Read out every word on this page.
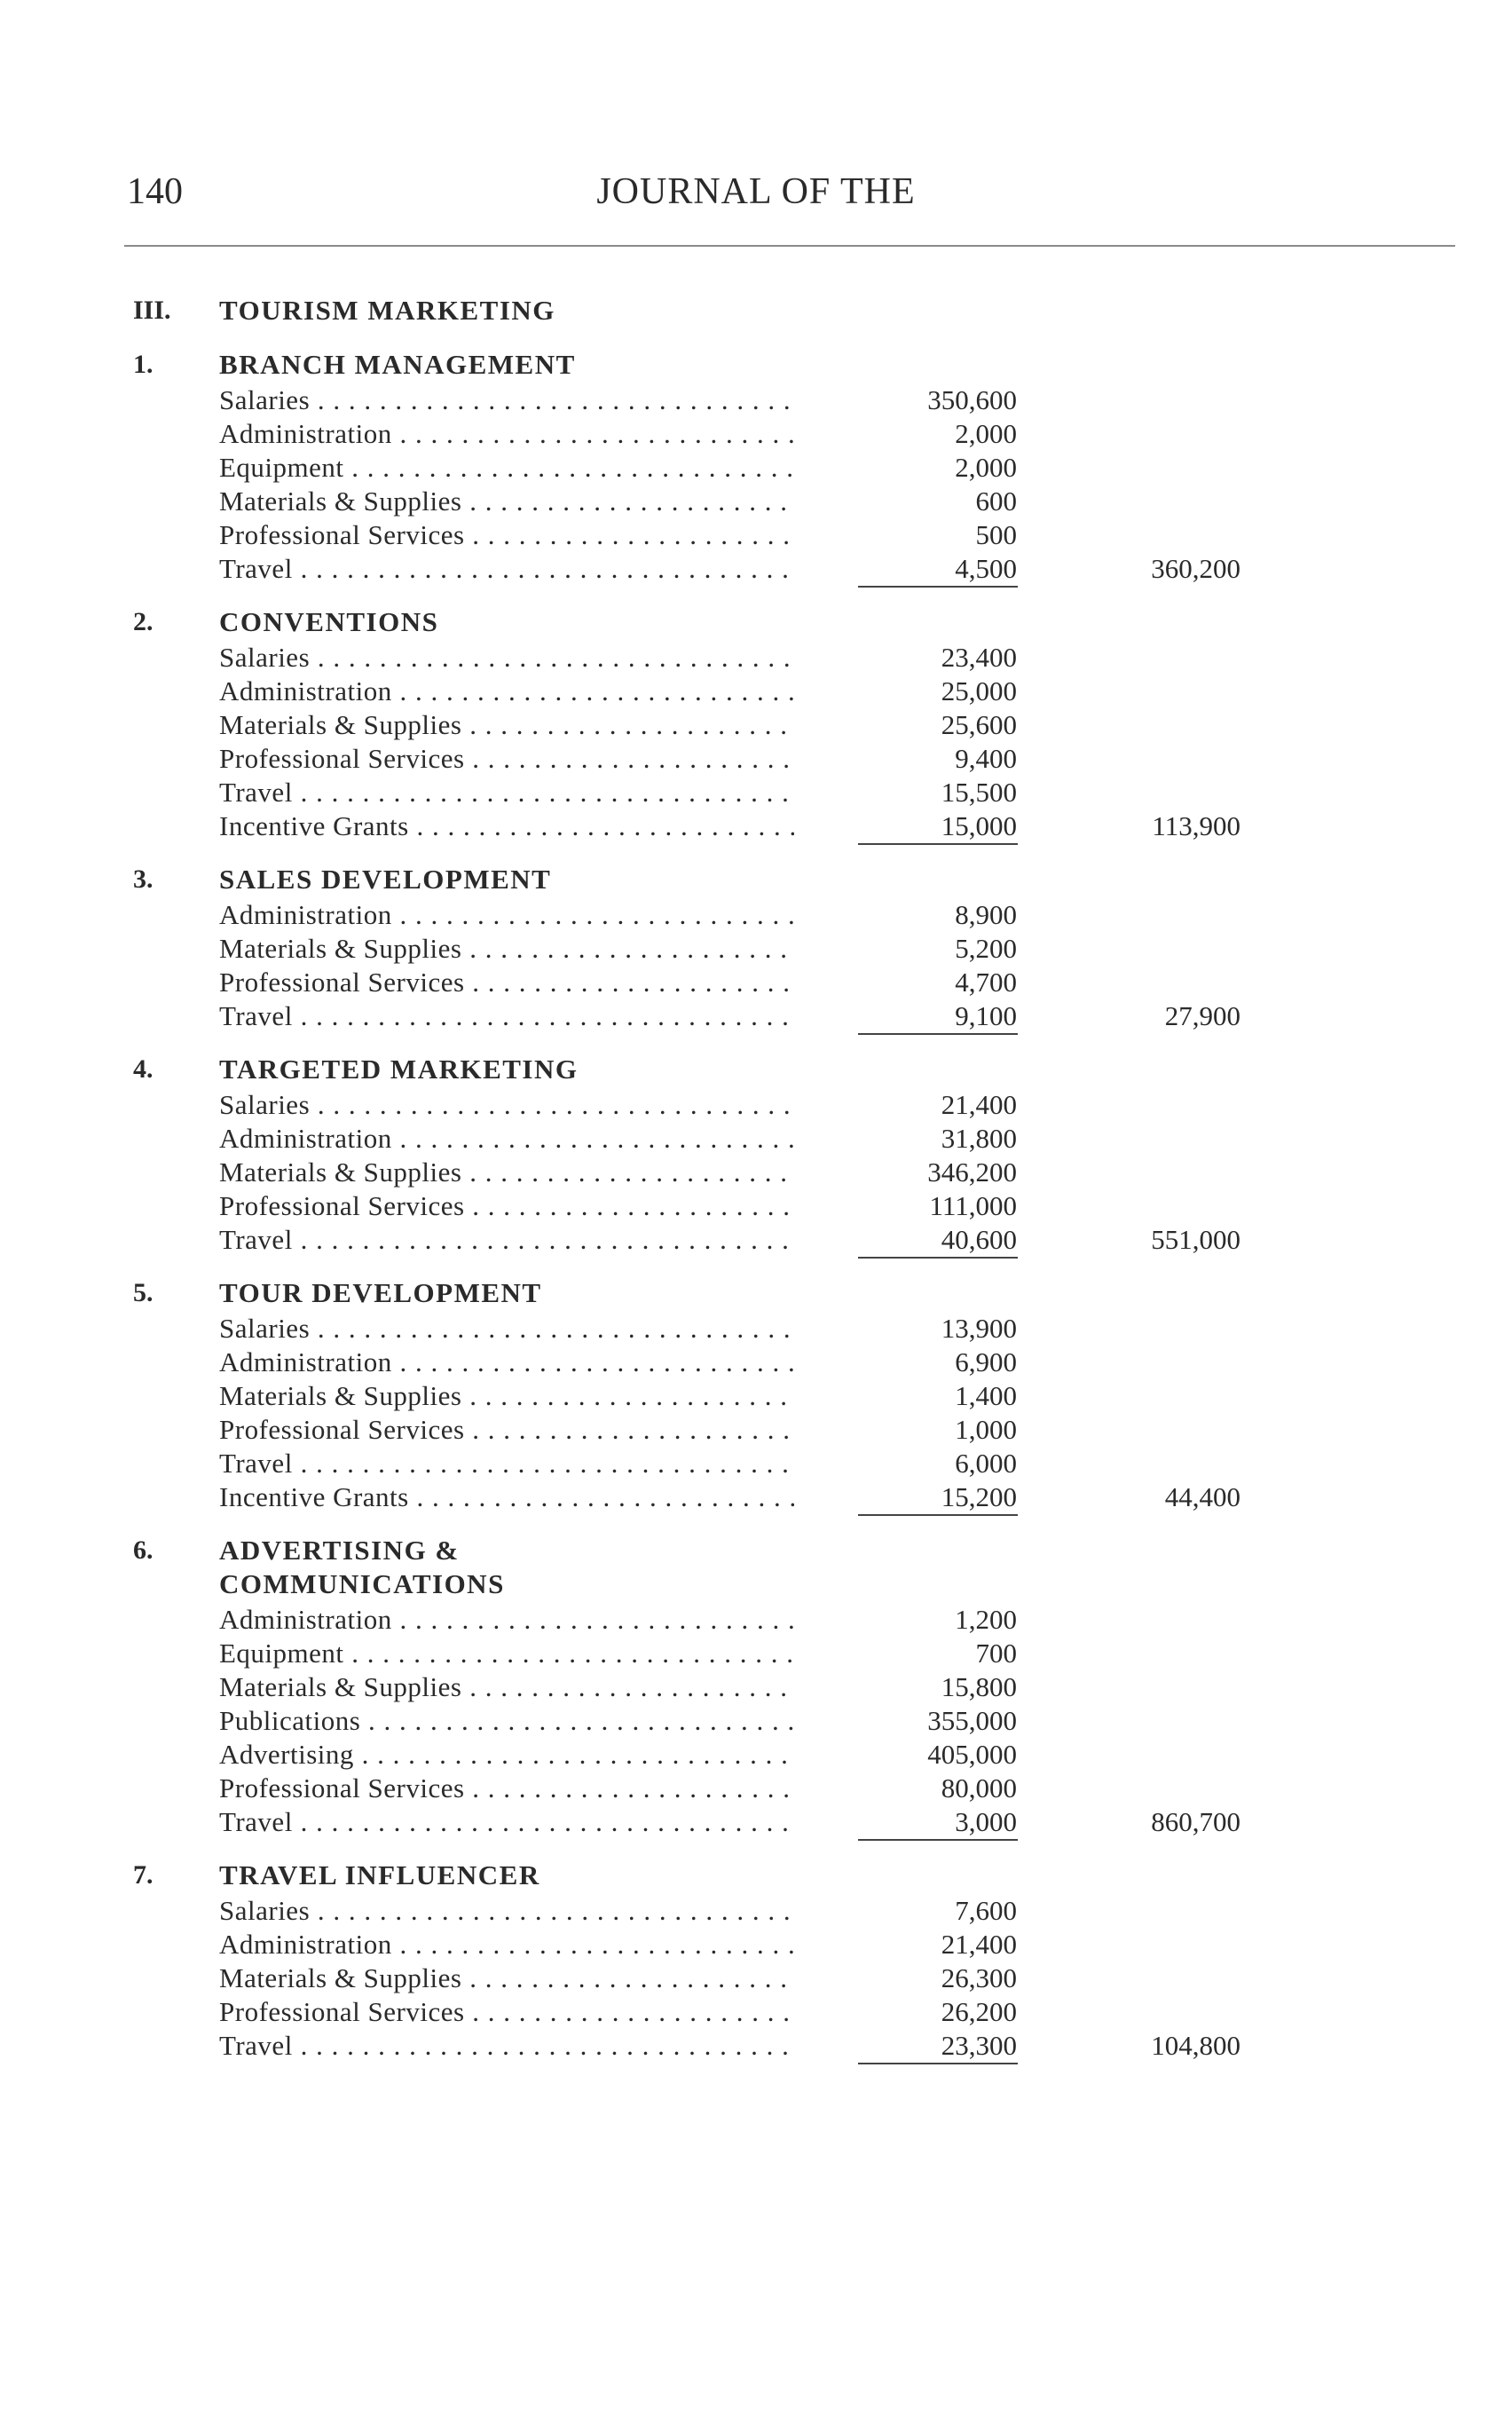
140	JOURNAL OF THE
III. TOURISM MARKETING
1. BRANCH MANAGEMENT
Salaries . . .	350,600
Administration . . .	2,000
Equipment . . .	2,000
Materials & Supplies . . .	600
Professional Services . . .	500
Travel . . .	4,500	360,200
2. CONVENTIONS
Salaries . . .	23,400
Administration . . .	25,000
Materials & Supplies . . .	25,600
Professional Services . . .	9,400
Travel . . .	15,500
Incentive Grants . . .	15,000	113,900
3. SALES DEVELOPMENT
Administration . . .	8,900
Materials & Supplies . . .	5,200
Professional Services . . .	4,700
Travel . . .	9,100	27,900
4. TARGETED MARKETING
Salaries . . .	21,400
Administration . . .	31,800
Materials & Supplies . . .	346,200
Professional Services . . .	111,000
Travel . . .	40,600	551,000
5. TOUR DEVELOPMENT
Salaries . . .	13,900
Administration . . .	6,900
Materials & Supplies . . .	1,400
Professional Services . . .	1,000
Travel . . .	6,000
Incentive Grants . . .	15,200	44,400
6. ADVERTISING & COMMUNICATIONS
Administration . . .	1,200
Equipment . . .	700
Materials & Supplies . . .	15,800
Publications . . .	355,000
Advertising . . .	405,000
Professional Services . . .	80,000
Travel . . .	3,000	860,700
7. TRAVEL INFLUENCER
Salaries . . .	7,600
Administration . . .	21,400
Materials & Supplies . . .	26,300
Professional Services . . .	26,200
Travel . . .	23,300	104,800
